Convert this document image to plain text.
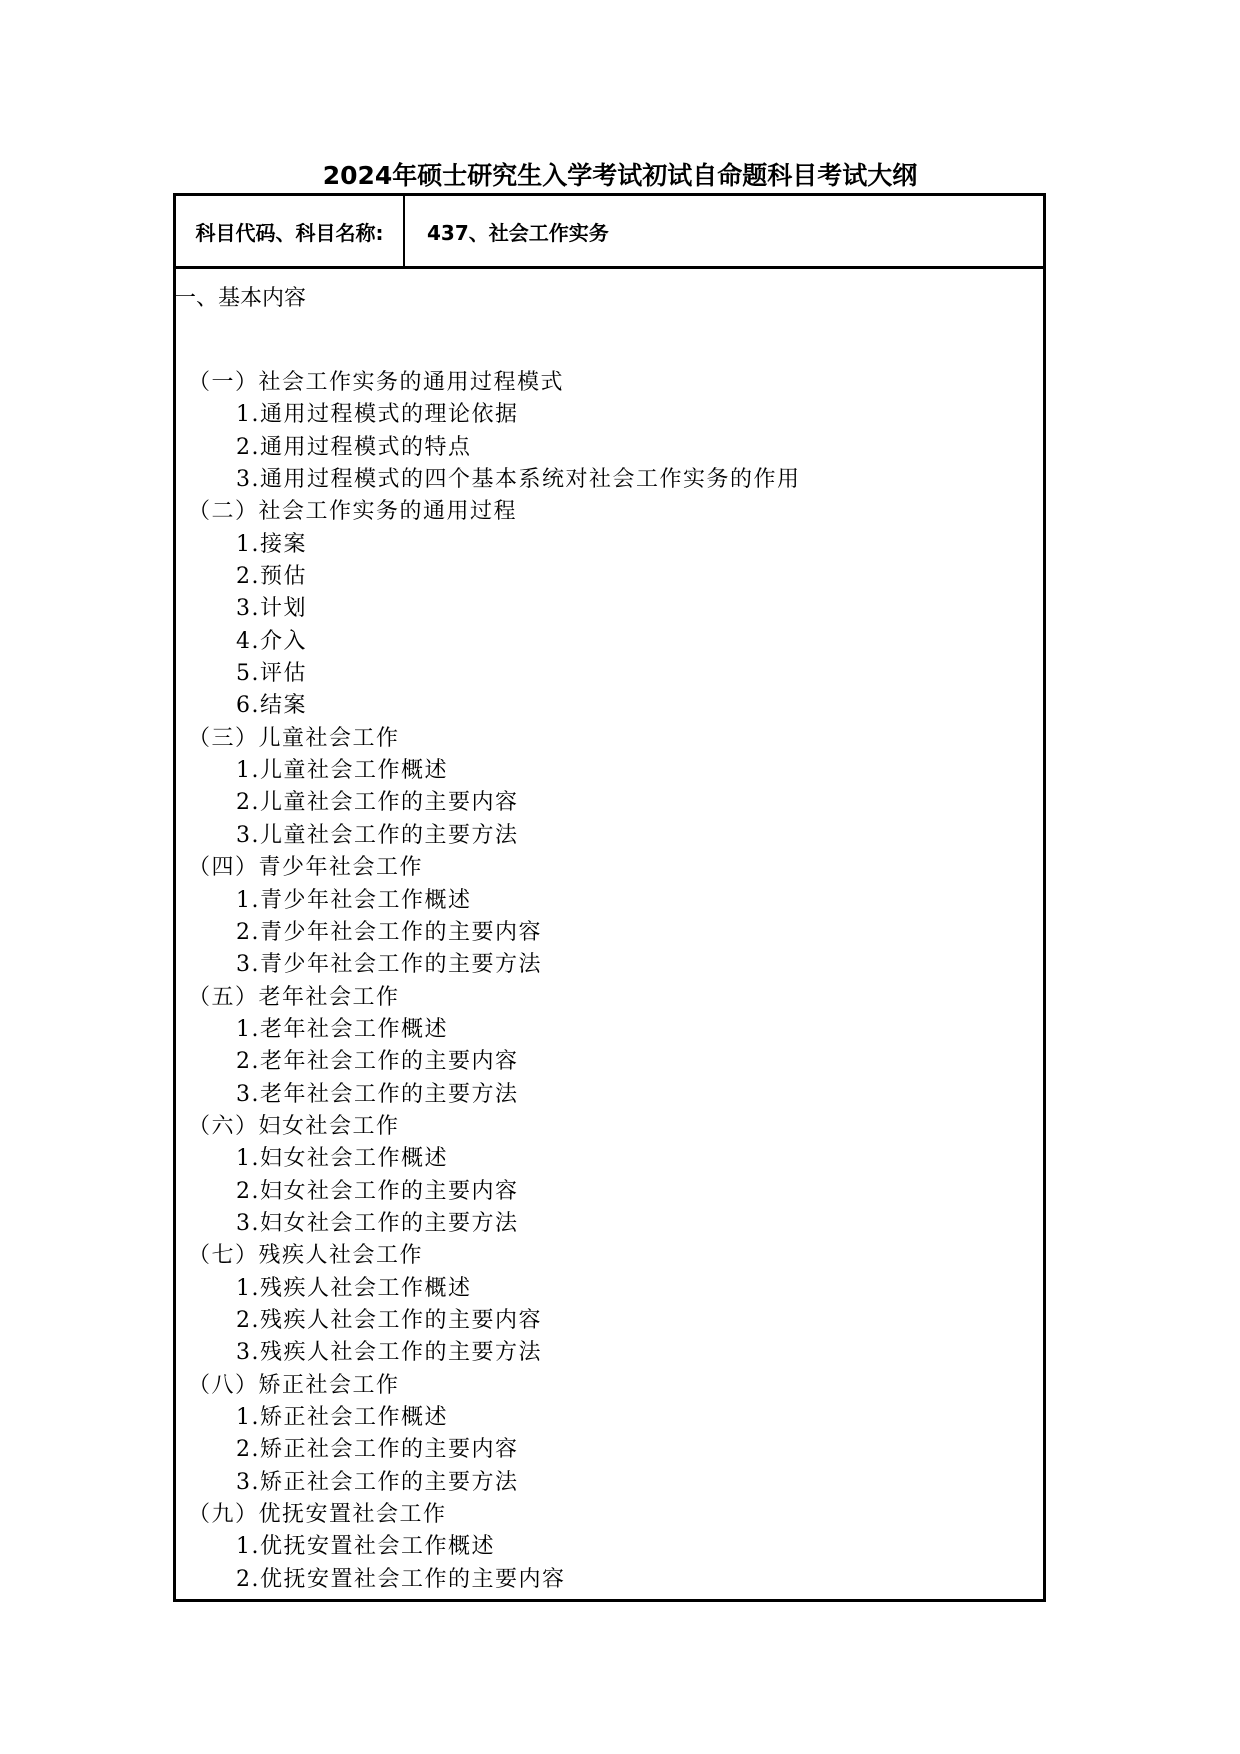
2024年硕士研究生入学考试初试自命题科目考试大纲
科目代码、科目名称:	437、社会工作实务
一、基本内容
（一）社会工作实务的通用过程模式
1.通用过程模式的理论依据
2.通用过程模式的特点
3.通用过程模式的四个基本系统对社会工作实务的作用
（二）社会工作实务的通用过程
1.接案
2.预估
3.计划
4.介入
5.评估
6.结案
（三）儿童社会工作
1.儿童社会工作概述
2.儿童社会工作的主要内容
3.儿童社会工作的主要方法
（四）青少年社会工作
1.青少年社会工作概述
2.青少年社会工作的主要内容
3.青少年社会工作的主要方法
（五）老年社会工作
1.老年社会工作概述
2.老年社会工作的主要内容
3.老年社会工作的主要方法
（六）妇女社会工作
1.妇女社会工作概述
2.妇女社会工作的主要内容
3.妇女社会工作的主要方法
（七）残疾人社会工作
1.残疾人社会工作概述
2.残疾人社会工作的主要内容
3.残疾人社会工作的主要方法
（八）矫正社会工作
1.矫正社会工作概述
2.矫正社会工作的主要内容
3.矫正社会工作的主要方法
（九）优抚安置社会工作
1.优抚安置社会工作概述
2.优抚安置社会工作的主要内容
